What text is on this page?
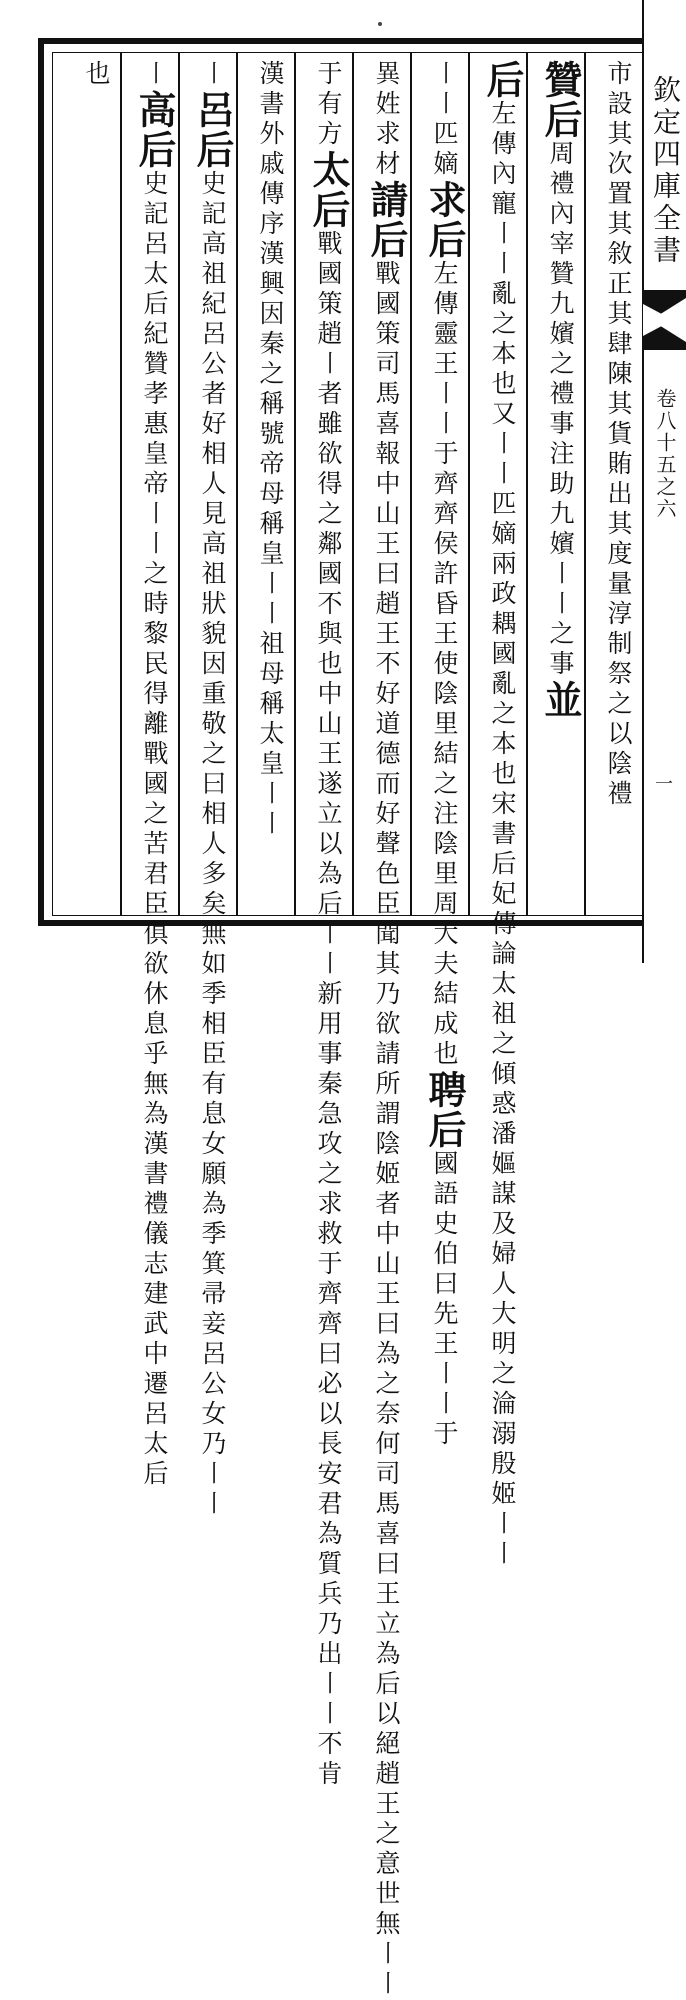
欽定四庫全書
卷八十五之六
一
市設其次置其敘正其肆陳其貨賄出其度量淳制祭之以陰禮
贊后周禮內宰贊九嬪之禮事注助九嬪〡〡之事並
后左傳內寵〡〡亂之本也又〡〡匹嫡兩政耦國亂之本也宋書后妃傳論太祖之傾惑潘嫗謀及婦人大明之淪溺殷姬〡〡
〡〡匹嫡求后左傳靈王〡〡于齊齊侯許昏王使陰里結之注陰里周大夫結成也聘后國語史伯曰先王〡〡于
異姓求材請后戰國策司馬喜報中山王曰趙王不好道德而好聲色臣聞其乃欲請所謂陰姬者中山王曰為之奈何司馬喜曰王立為后以絕趙王之意世無〡〡
于有方太后戰國策趙〡者雖欲得之鄰國不與也中山王遂立以為后〡〡新用事秦急攻之求救于齊齊曰必以長安君為質兵乃出〡〡不肯
漢書外戚傳序漢興因秦之稱號帝母稱皇〡〡祖母稱太皇〡〡
〡呂后史記高祖紀呂公者好相人見高祖狀貌因重敬之曰相人多矣無如季相臣有息女願為季箕帚妾呂公女乃〡〡
〡高后史記呂太后紀贊孝惠皇帝〡〡之時黎民得離戰國之苦君臣俱欲休息乎無為漢書禮儀志建武中遷呂太后
也
